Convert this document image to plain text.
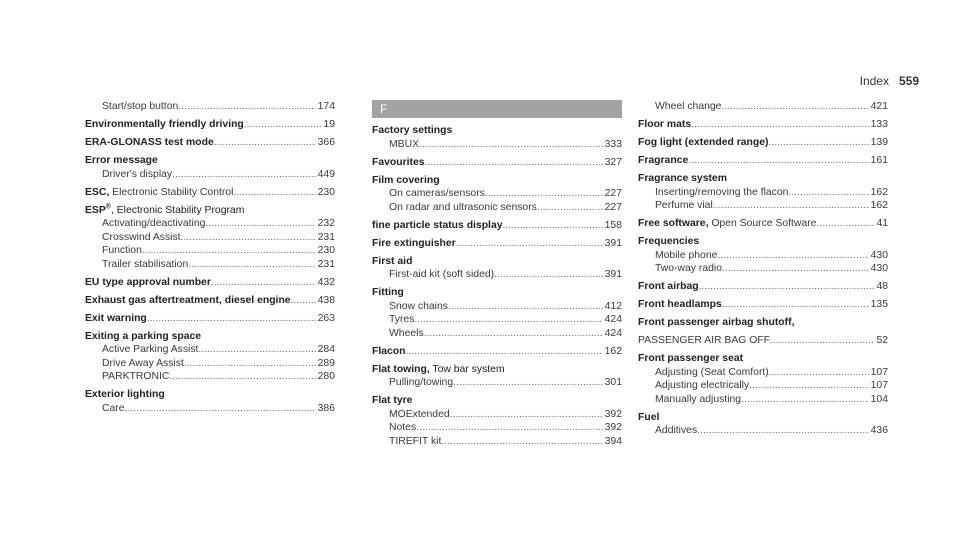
Index 559
Start/stop button .....	174
Environmentally friendly driving .....	19
ERA-GLONASS test mode .....	366
Error message
Driver's display .....	449
ESC, Electronic Stability Control .....	230
ESP®, Electronic Stability Program
Activating/deactivating .....	232
Crosswind Assist .....	231
Function .....	230
Trailer stabilisation .....	231
EU type approval number .....	432
Exhaust gas aftertreatment, diesel engine .....	438
Exit warning .....	263
Exiting a parking space
Active Parking Assist .....	284
Drive Away Assist .....	289
PARKTRONIC .....	280
Exterior lighting
Care .....	386
F
Factory settings
MBUX .....	333
Favourites .....	327
Film covering
On cameras/sensors .....	227
On radar and ultrasonic sensors .....	227
fine particle status display .....	158
Fire extinguisher .....	391
First aid
First-aid kit (soft sided) .....	391
Fitting
Snow chains .....	412
Tyres .....	424
Wheels .....	424
Flacon .....	162
Flat towing, Tow bar system
Pulling/towing .....	301
Flat tyre
MOExtended .....	392
Notes .....	392
TIREFIT kit .....	394
Wheel change .....	421
Floor mats .....	133
Fog light (extended range) .....	139
Fragrance .....	161
Fragrance system
Inserting/removing the flacon .....	162
Perfume vial .....	162
Free software, Open Source Software .....	41
Frequencies
Mobile phone .....	430
Two-way radio .....	430
Front airbag .....	48
Front headlamps .....	135
Front passenger airbag shutoff,
PASSENGER AIR BAG OFF .....	52
Front passenger seat
Adjusting (Seat Comfort) .....	107
Adjusting electrically .....	107
Manually adjusting .....	104
Fuel
Additives .....	436
